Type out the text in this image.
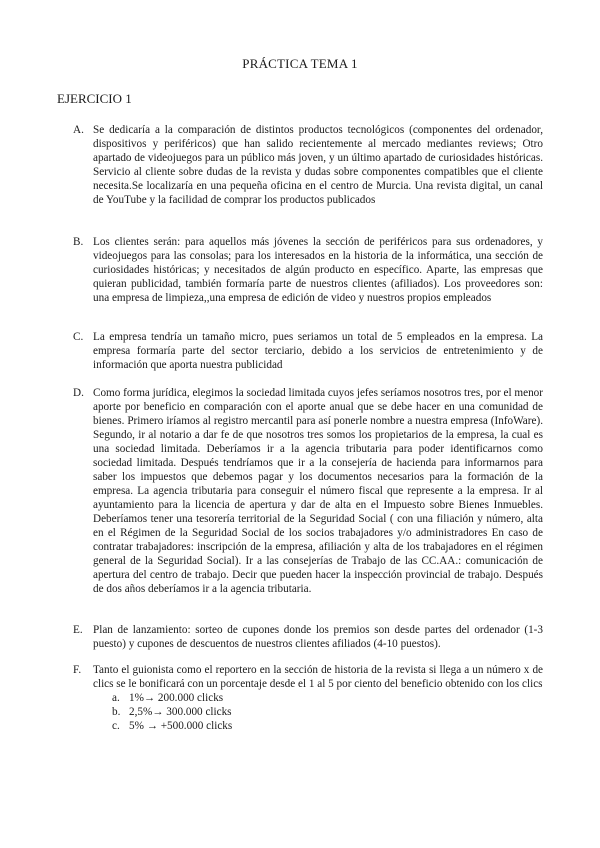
PRÁCTICA TEMA 1
EJERCICIO 1
A. Se dedicaría a la comparación de distintos productos tecnológicos (componentes del ordenador, dispositivos y periféricos) que han salido recientemente al mercado mediantes reviews; Otro apartado de videojuegos para un público más joven, y un último apartado de curiosidades históricas. Servicio al cliente sobre dudas de la revista y dudas sobre componentes compatibles que el cliente necesita.Se localizaría en una pequeña oficina en el centro de Murcia. Una revista digital, un canal de YouTube y la facilidad de comprar los productos publicados
B. Los clientes serán: para aquellos más jóvenes la sección de periféricos para sus ordenadores, y videojuegos para las consolas; para los interesados en la historia de la informática, una sección de curiosidades históricas; y necesitados de algún producto en específico. Aparte, las empresas que quieran publicidad, también formaría parte de nuestros clientes (afiliados). Los proveedores son: una empresa de limpieza,,una empresa de edición de video y nuestros propios empleados
C. La empresa tendría un tamaño micro, pues seriamos un total de 5 empleados en la empresa. La empresa formaría parte del sector terciario, debido a los servicios de entretenimiento y de información que aporta nuestra publicidad
D. Como forma jurídica, elegimos la sociedad limitada cuyos jefes seríamos nosotros tres, por el menor aporte por beneficio en comparación con el aporte anual que se debe hacer en una comunidad de bienes. Primero iríamos al registro mercantil para así ponerle nombre a nuestra empresa (InfoWare). Segundo, ir al notario a dar fe de que nosotros tres somos los propietarios de la empresa, la cual es una sociedad limitada. Deberíamos ir a la agencia tributaria para poder identificarnos como sociedad limitada. Después tendríamos que ir a la consejería de hacienda para informarnos para saber los impuestos que debemos pagar y los documentos necesarios para la formación de la empresa. La agencia tributaria para conseguir el número fiscal que represente a la empresa. Ir al ayuntamiento para la licencia de apertura y dar de alta en el Impuesto sobre Bienes Inmuebles. Deberíamos tener una tesorería territorial de la Seguridad Social ( con una filiación y número, alta en el Régimen de la Seguridad Social de los socios trabajadores y/o administradores En caso de contratar trabajadores: inscripción de la empresa, afiliación y alta de los trabajadores en el régimen general de la Seguridad Social). Ir a las consejerías de Trabajo de las CC.AA.: comunicación de apertura del centro de trabajo. Decir que pueden hacer la inspección provincial de trabajo. Después de dos años deberíamos ir a la agencia tributaria.
E. Plan de lanzamiento: sorteo de cupones donde los premios son desde partes del ordenador (1-3 puesto) y cupones de descuentos de nuestros clientes afiliados (4-10 puestos).
F. Tanto el guionista como el reportero en la sección de historia de la revista si llega a un número x de clics se le bonificará con un porcentaje desde el 1 al 5 por ciento del beneficio obtenido con los clics
a. 1%→ 200.000 clicks
b. 2,5%→ 300.000 clicks
c. 5% → +500.000 clicks
